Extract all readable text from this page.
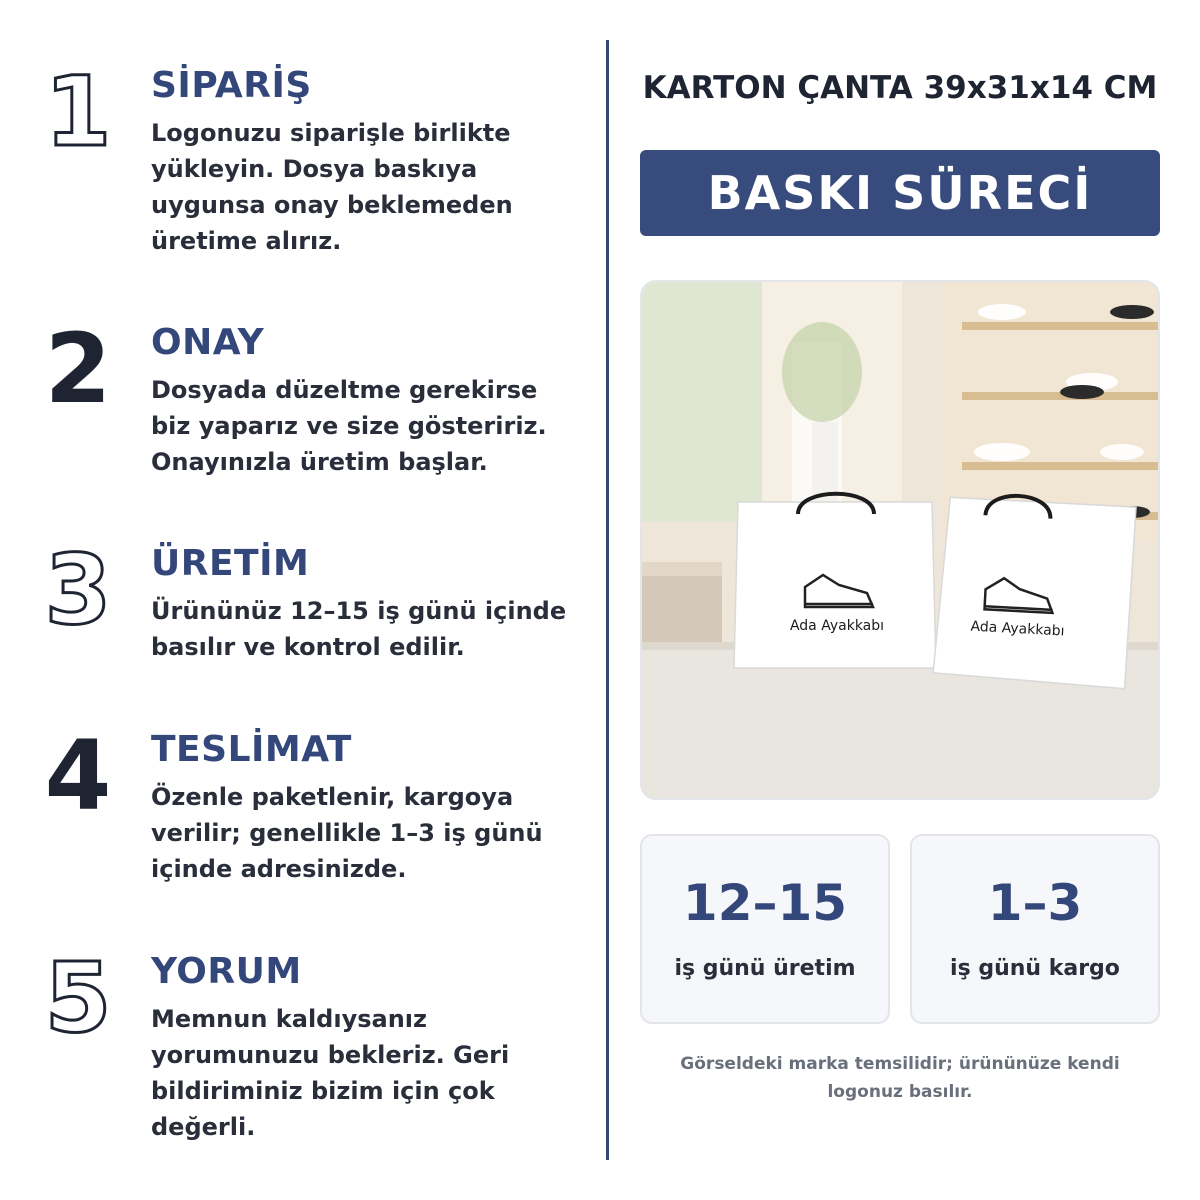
1 SİPARİŞ
Logonuzu siparişle birlikte
yükleyin. Dosya baskıya
uygunsa onay beklemeden
üretime alırız.
2 ONAY
Dosyada düzeltme gerekirse
biz yaparız ve size gösteririz.
Onayınızla üretim başlar.
3 ÜRETİM
Ürününüz 12–15 iş günü içinde
basılır ve kontrol edilir.
4 TESLİMAT
Özenle paketlenir, kargoya
verilir; genellikle 1–3 iş günü
içinde adresinizde.
5 YORUM
Memnun kaldıysanız
yorumunuzu bekleriz. Geri
bildiriminiz bizim için çok
değerli.
KARTON ÇANTA 39x31x14 CM
BASKI SÜRECİ
Ada Ayakkabı	Ada Ayakkabı
12–15
iş günü üretim
1–3
iş günü kargo
Görseldeki marka temsilidir; ürününüze kendi
logonuz basılır.
